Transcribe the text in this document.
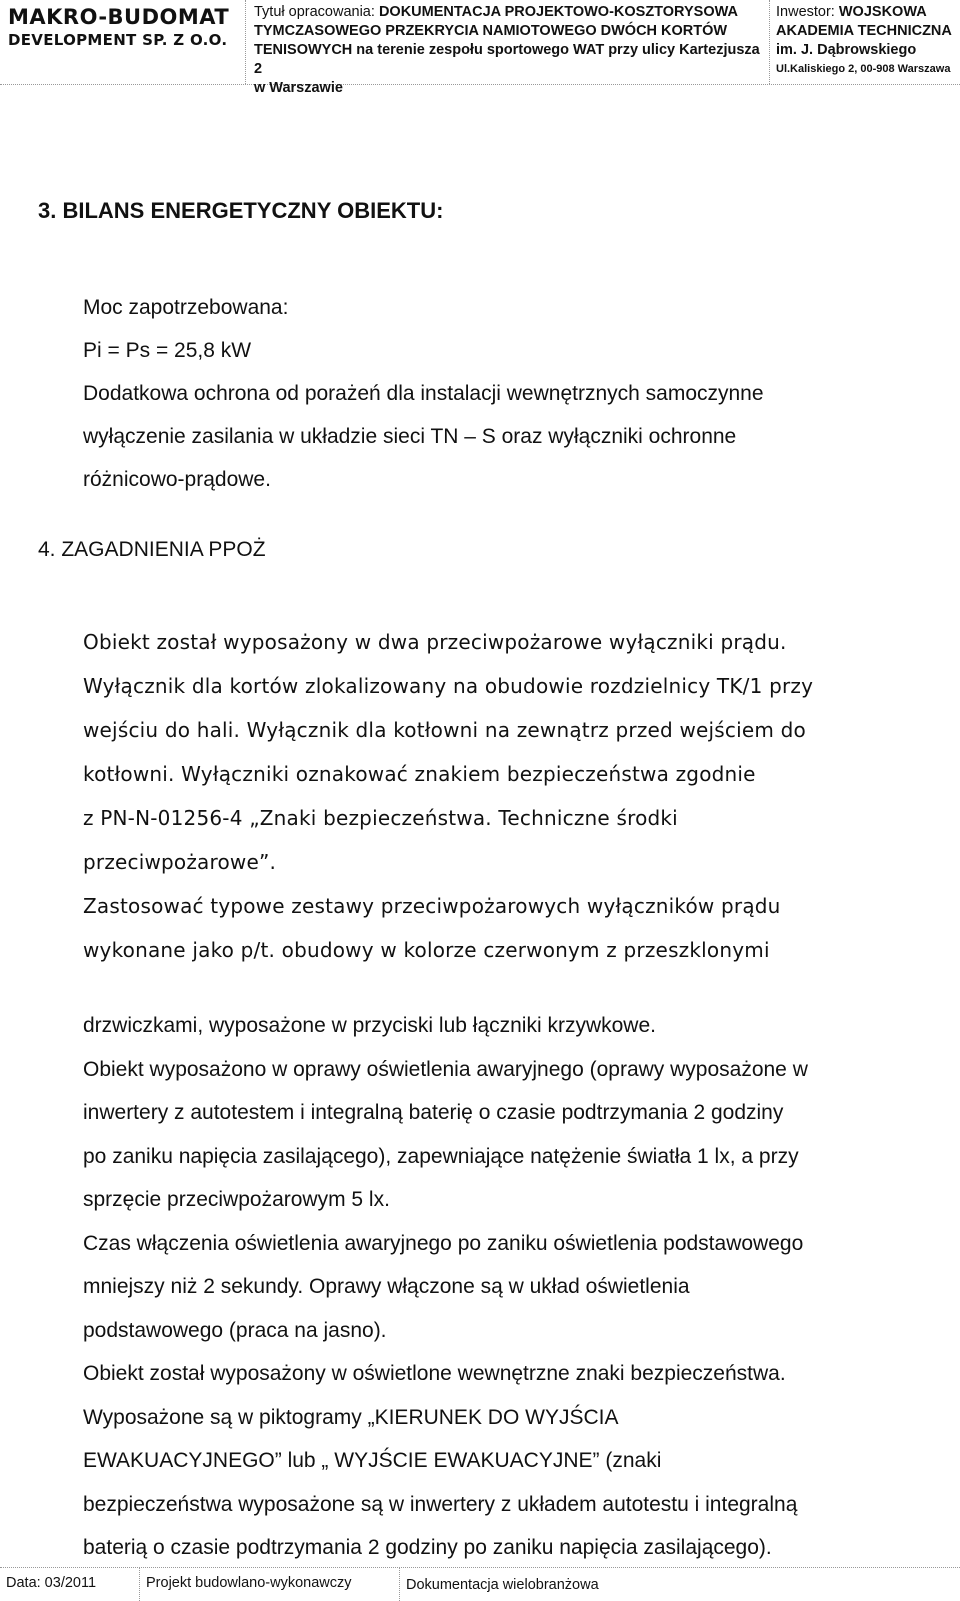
MAKRO-BUDOMAT
DEVELOPMENT SP. Z O.O.
Tytuł opracowania: DOKUMENTACJA PROJEKTOWO-KOSZTORYSOWA
TYMCZASOWEGO PRZEKRYCIA NAMIOTOWEGO DWÓCH KORTÓW
TENISOWYCH na terenie zespołu sportowego WAT przy ulicy Kartezjusza 2
w Warszawie
Inwestor: WOJSKOWA
AKADEMIA TECHNICZNA
im. J. Dąbrowskiego
Ul.Kaliskiego 2, 00-908 Warszawa
3. BILANS ENERGETYCZNY OBIEKTU:

Moc zapotrzebowana:

Pi = Ps = 25,8 kW

Dodatkowa ochrona od porażeń dla instalacji wewnętrznych samoczynne

wyłączenie zasilania w układzie sieci TN – S oraz wyłączniki ochronne

różnicowo-prądowe.

4. ZAGADNIENIA PPOŻ

Obiekt został wyposażony w dwa przeciwpożarowe wyłączniki prądu.

Wyłącznik dla kortów zlokalizowany na obudowie rozdzielnicy TK/1 przy

wejściu do hali. Wyłącznik dla kotłowni na zewnątrz przed wejściem do

kotłowni. Wyłączniki oznakować znakiem bezpieczeństwa zgodnie

z PN-N-01256-4 „Znaki bezpieczeństwa. Techniczne środki

przeciwpożarowe”.

Zastosować typowe zestawy przeciwpożarowych wyłączników prądu

wykonane jako p/t. obudowy w kolorze czerwonym z przeszklonymi

drzwiczkami, wyposażone w przyciski lub łączniki krzywkowe.

Obiekt wyposażono w oprawy oświetlenia awaryjnego (oprawy wyposażone w

inwertery z autotestem i integralną baterię o czasie podtrzymania 2 godziny

po zaniku napięcia zasilającego), zapewniające natężenie światła 1 lx, a przy

sprzęcie przeciwpożarowym 5 lx.

Czas włączenia oświetlenia awaryjnego po zaniku oświetlenia podstawowego

mniejszy niż 2 sekundy. Oprawy włączone są w układ oświetlenia

podstawowego (praca na jasno).

Obiekt został wyposażony w oświetlone wewnętrzne znaki bezpieczeństwa.

Wyposażone są w piktogramy „KIERUNEK DO WYJŚCIA

EWAKUACYJNEGO” lub „ WYJŚCIE EWAKUACYJNE” (znaki

bezpieczeństwa wyposażone są w inwertery z układem autotestu i integralną

baterią o czasie podtrzymania 2 godziny po zaniku napięcia zasilającego).

Data: 03/2011	Projekt budowlano-wykonawczy	Dokumentacja wielobranżowa
